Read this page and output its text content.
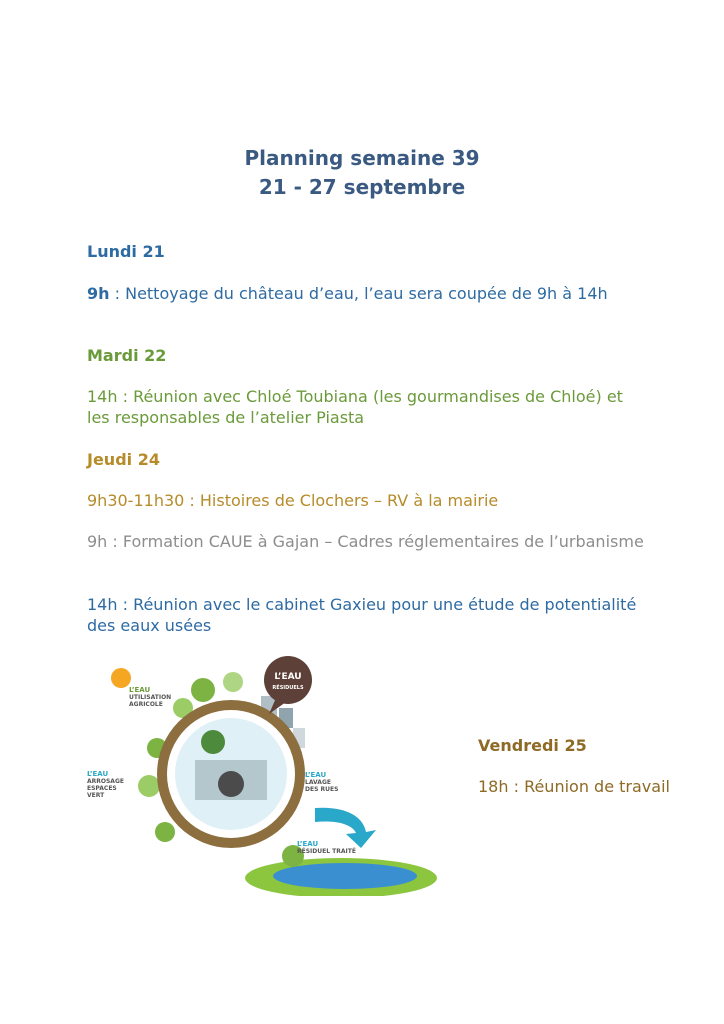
Planning semaine 39
21 - 27 septembre
Lundi 21
9h : Nettoyage du château d’eau, l’eau sera coupée de 9h à 14h
Mardi 22
14h : Réunion avec Chloé Toubiana (les gourmandises de Chloé) et les responsables de l’atelier Piasta
Jeudi 24
9h30-11h30 : Histoires de Clochers – RV à la mairie
9h : Formation CAUE à Gajan – Cadres réglementaires de l’urbanisme
14h : Réunion avec le cabinet Gaxieu pour une étude de potentialité des eaux usées
Vendredi 25
18h : Réunion de travail
L’EAU
RÉSIDUELS
L’EAU
UTILISATION
AGRICOLE
L’EAU
ARROSAGE
ESPACES
VERT
L’EAU
LAVAGE
DES RUES
L’EAU
RÉSIDUEL TRAITÉ
